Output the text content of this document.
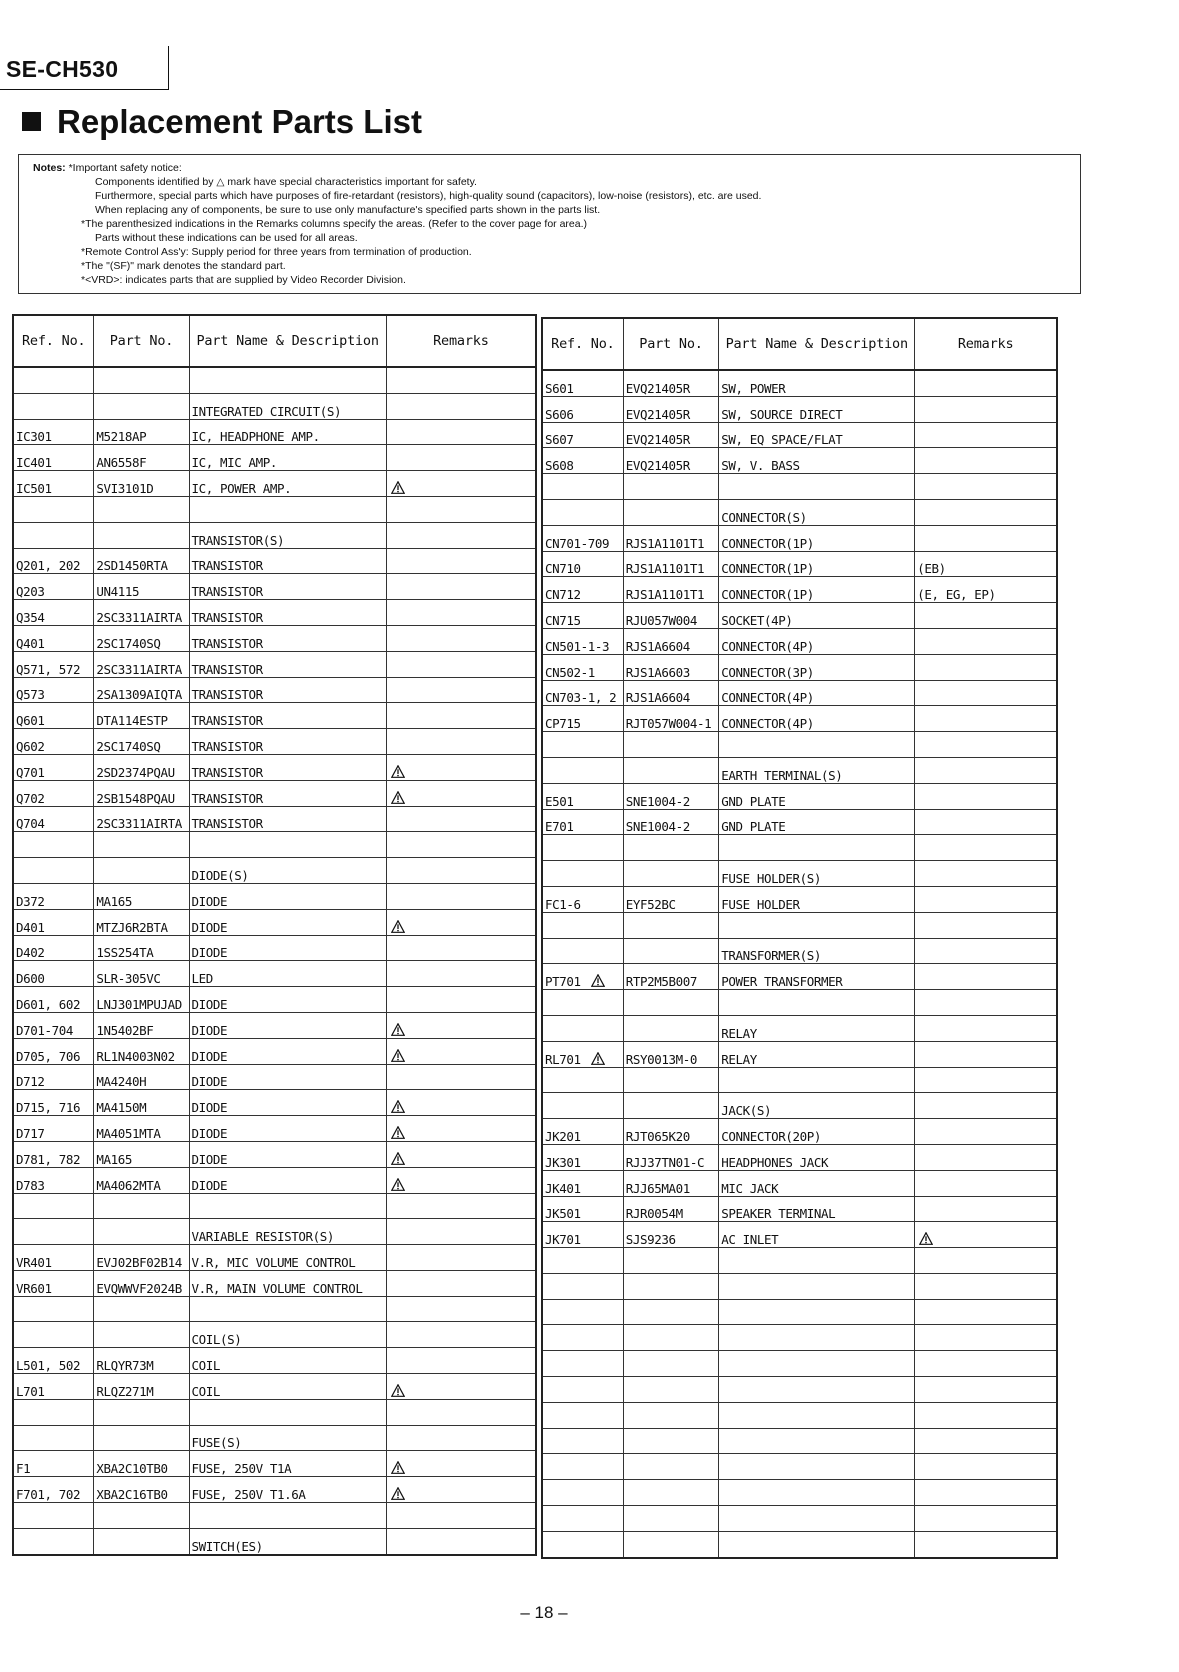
SE-CH530
Replacement Parts List
Notes: *Important safety notice:
Components identified by △ mark have special characteristics important for safety.
Furthermore, special parts which have purposes of fire-retardant (resistors), high-quality sound (capacitors), low-noise (resistors), etc. are used.
When replacing any of components, be sure to use only manufacture's specified parts shown in the parts list.
*The parenthesized indications in the Remarks columns specify the areas. (Refer to the cover page for area.)
Parts without these indications can be used for all areas.
*Remote Control Ass'y: Supply period for three years from termination of production.
*The "(SF)" mark denotes the standard part.
*<VRD>: indicates parts that are supplied by Video Recorder Division.
Ref. No.	Part No.	Part Name & Description	Remarks

		INTEGRATED CIRCUIT(S)	
IC301	M5218AP	IC, HEADPHONE AMP.	
IC401	AN6558F	IC, MIC AMP.	
IC501	SVI3101D	IC, POWER AMP.	

		TRANSISTOR(S)	
Q201, 202	2SD1450RTA	TRANSISTOR	
Q203	UN4115	TRANSISTOR	
Q354	2SC3311AIRTA	TRANSISTOR	
Q401	2SC1740SQ	TRANSISTOR	
Q571, 572	2SC3311AIRTA	TRANSISTOR	
Q573	2SA1309AIQTA	TRANSISTOR	
Q601	DTA114ESTP	TRANSISTOR	
Q602	2SC1740SQ	TRANSISTOR	
Q701	2SD2374PQAU	TRANSISTOR	
Q702	2SB1548PQAU	TRANSISTOR	
Q704	2SC3311AIRTA	TRANSISTOR	

		DIODE(S)	
D372	MA165	DIODE	
D401	MTZJ6R2BTA	DIODE	
D402	1SS254TA	DIODE	
D600	SLR-305VC	LED	
D601, 602	LNJ301MPUJAD	DIODE	
D701-704	1N5402BF	DIODE	
D705, 706	RL1N4003N02	DIODE	
D712	MA4240H	DIODE	
D715, 716	MA4150M	DIODE	
D717	MA4051MTA	DIODE	
D781, 782	MA165	DIODE	
D783	MA4062MTA	DIODE	

		VARIABLE RESISTOR(S)	
VR401	EVJ02BF02B14	V.R, MIC VOLUME CONTROL	
VR601	EVQWWVF2024B	V.R, MAIN VOLUME CONTROL	

		COIL(S)	
L501, 502	RLQYR73M	COIL	
L701	RLQZ271M	COIL	

		FUSE(S)	
F1	XBA2C10TB0	FUSE, 250V T1A	
F701, 702	XBA2C16TB0	FUSE, 250V T1.6A	

		SWITCH(ES)	
Ref. No.	Part No.	Part Name & Description	Remarks
S601	EVQ21405R	SW, POWER	
S606	EVQ21405R	SW, SOURCE DIRECT	
S607	EVQ21405R	SW, EQ SPACE/FLAT	
S608	EVQ21405R	SW, V. BASS	

		CONNECTOR(S)	
CN701-709	RJS1A1101T1	CONNECTOR(1P)	
CN710	RJS1A1101T1	CONNECTOR(1P)	(EB)
CN712	RJS1A1101T1	CONNECTOR(1P)	(E, EG, EP)
CN715	RJU057W004	SOCKET(4P)	
CN501-1-3	RJS1A6604	CONNECTOR(4P)	
CN502-1	RJS1A6603	CONNECTOR(3P)	
CN703-1, 2	RJS1A6604	CONNECTOR(4P)	
CP715	RJT057W004-1	CONNECTOR(4P)	

		EARTH TERMINAL(S)	
E501	SNE1004-2	GND PLATE	
E701	SNE1004-2	GND PLATE	

		FUSE HOLDER(S)	
FC1-6	EYF52BC	FUSE HOLDER	

		TRANSFORMER(S)	
PT701	RTP2M5B007	POWER TRANSFORMER	

		RELAY	
RL701	RSY0013M-0	RELAY	

		JACK(S)	
JK201	RJT065K20	CONNECTOR(20P)	
JK301	RJJ37TN01-C	HEADPHONES JACK	
JK401	RJJ65MA01	MIC JACK	
JK501	RJR0054M	SPEAKER TERMINAL	
JK701	SJS9236	AC INLET	

– 18 –
